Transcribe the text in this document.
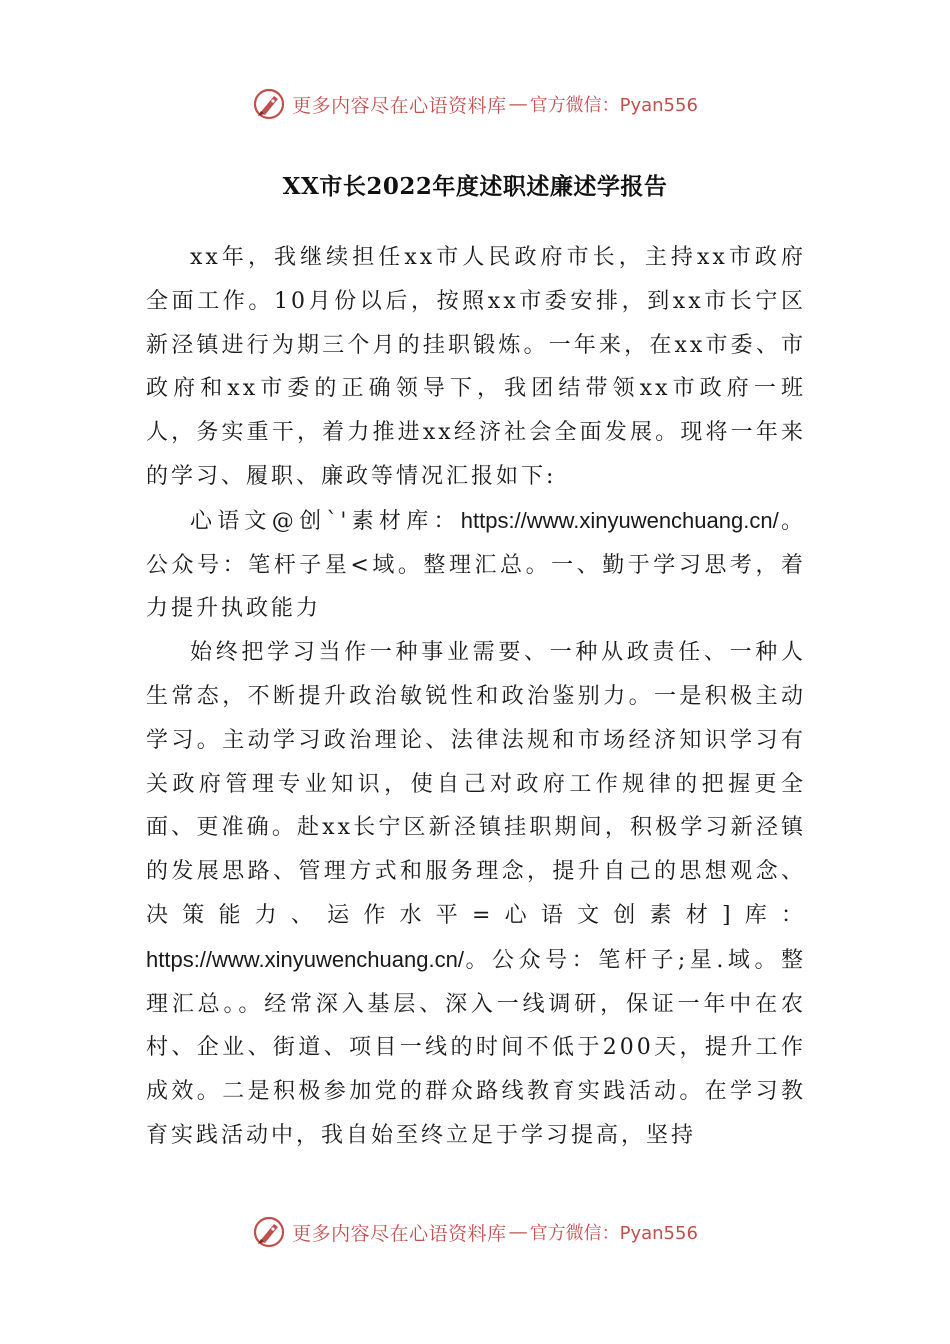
更多内容尽在心语资料库 — 官方微信：Pyan556
XX市长2022年度述职述廉述学报告

xx年，我继续担任xx市人民政府市长，主持xx市政府全面工作。10月份以后，按照xx市委安排，到xx市长宁区新泾镇进行为期三个月的挂职锻炼。一年来，在xx市委、市政府和xx市委的正确领导下，我团结带领xx市政府一班人，务实重干，着力推进xx经济社会全面发展。现将一年来的学习、履职、廉政等情况汇报如下:

心语文@创`'素材库：https://www.xinyuwenchuang.cn/。公众号：笔杆子星<域。整理汇总。一、勤于学习思考，着力提升执政能力

始终把学习当作一种事业需要、一种从政责任、一种人生常态，不断提升政治敏锐性和政治鉴别力。一是积极主动学习。主动学习政治理论、法律法规和市场经济知识学习有关政府管理专业知识，使自己对政府工作规律的把握更全面、更准确。赴xx长宁区新泾镇挂职期间，积极学习新泾镇的发展思路、管理方式和服务理念，提升自己的思想观念、决策能力、运作水平=心语文创素材]库：https://www.xinyuwenchuang.cn/。公众号：笔杆子;星.域。整理汇总。。经常深入基层、深入一线调研，保证一年中在农村、企业、街道、项目一线的时间不低于200天，提升工作成效。二是积极参加党的群众路线教育实践活动。在学习教育实践活动中，我自始至终立足于学习提高，坚持

更多内容尽在心语资料库 — 官方微信：Pyan556
